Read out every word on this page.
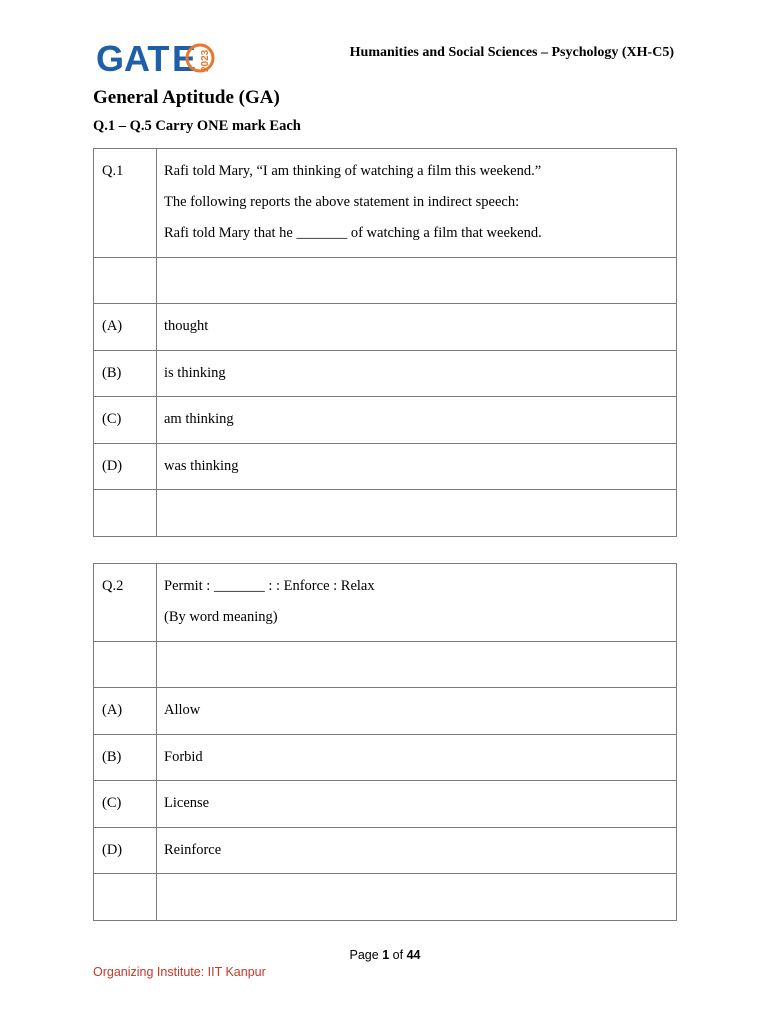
GAT E 2023	Humanities and Social Sciences – Psychology (XH-C5)
General Aptitude (GA)
Q.1 – Q.5 Carry ONE mark Each
Q.1	Rafi told Mary, “I am thinking of watching a film this weekend.”
The following reports the above statement in indirect speech:
Rafi told Mary that he _______ of watching a film that weekend.

(A)	thought

(B)	is thinking

(C)	am thinking

(D)	was thinking

Q.2	Permit : _______ : : Enforce : Relax
(By word meaning)

(A)	Allow

(B)	Forbid

(C)	License

(D)	Reinforce

Page 1 of 44
Organizing Institute: IIT Kanpur
